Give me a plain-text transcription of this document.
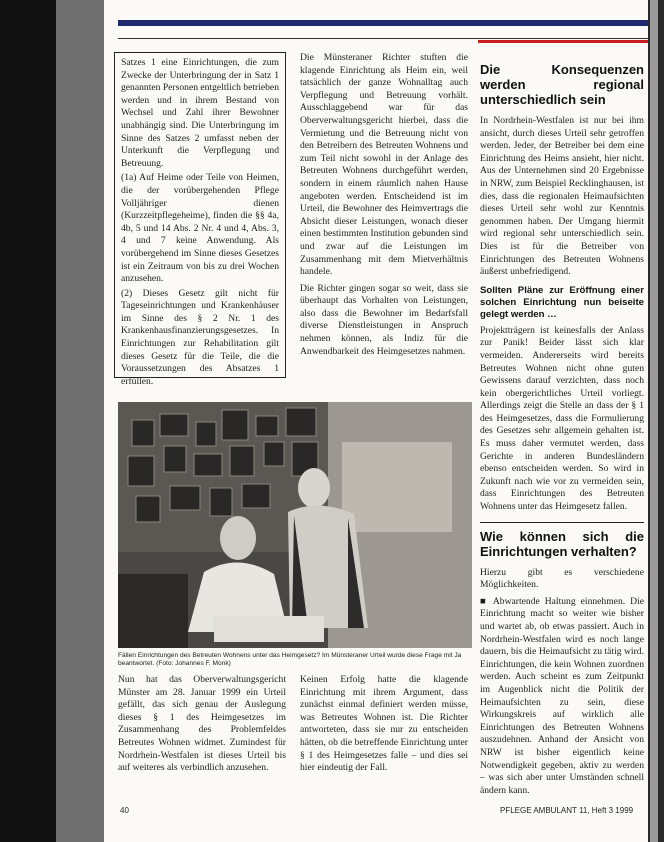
Satzes 1 eine Einrichtungen, die zum Zwecke der Unterbringung der in Satz 1 genannten Personen entgeltlich betrieben werden und in ihrem Bestand von Wechsel und Zahl ihrer Bewohner unabhängig sind. Die Unterbringung im Sinne des Satzes 2 umfasst neben der Unterkunft die Verpflegung und Betreuung.

(1a) Auf Heime oder Teile von Heimen, die der vorübergehenden Pflege Volljähriger dienen (Kurzzeitpflegeheime), finden die §§ 4a, 4b, 5 und 14 Abs. 2 Nr. 4 und 4, Abs. 3, 4 und 7 keine Anwendung. Als vorübergehend im Sinne dieses Gesetzes ist ein Zeitraum von bis zu drei Wochen anzusehen.

(2) Dieses Gesetz gilt nicht für Tageseinrichtungen und Krankenhäuser im Sinne des § 2 Nr. 1 des Krankenhausfinanzierungsgesetzes. In Einrichtungen zur Rehabilitation gilt dieses Gesetz für die Teile, die die Voraussetzungen des Absatzes 1 erfüllen.

Die Münsteraner Richter stuften die klagende Einrichtung als Heim ein, weil tatsächlich der ganze Wohnalltag auch Verpflegung und Betreuung vorhält. Ausschlaggebend war für das Oberverwaltungsgericht hierbei, dass die Vermietung und die Betreuung nicht von den Betreibern des Betreuten Wohnens und zum Teil nicht sowohl in der Anlage des Betreuten Wohnens durchgeführt werden, sondern in einem räumlich nahen Hause angeboten werden. Entscheidend ist im Urteil, die Bewohner des Heimvertrags die Absicht dieser Leistungen, wonach dieser einen bestimmten Institution gebunden sind und zwar auf die Leistungen im Zusammenhang mit dem Mietverhältnis handele.

Die Richter gingen sogar so weit, dass sie überhaupt das Vorhalten von Leistungen, also dass die Bewohner im Bedarfsfall diverse Dienstleistungen in Anspruch nehmen können, als Indiz für die Anwendbarkeit des Heimgesetzes nahmen.

Die Konsequenzen werden regional unterschiedlich sein

In Nordrhein-Westfalen ist nur bei ihm ansicht, durch dieses Urteil sehr getroffen werden. Jeder, der Betreiber bei dem eine Einrichtung des Heims ansieht, hier nicht. Aus der Unternehmen sind 20 Ergebnisse in NRW, zum Beispiel Recklinghausen, ist dies, dass die regionalen Heimaufsichten dieses Urteil sehr wohl zur Kenntnis genommen haben. Der Umgang hiermit wird regional sehr unterschiedlich sein. Dies ist für die Betreiber von Einrichtungen des Betreuten Wohnens äußerst unbefriedigend.

Sollten Pläne zur Eröffnung einer solchen Einrichtung nun beiseite gelegt werden …

Projektträgern ist keinesfalls der Anlass zur Panik! Beider lässt sich klar vermeiden. Andererseits wird bereits Betreutes Wohnen nicht ohne guten Gewissens darauf verzichten, dass noch kein obergerichtliches Urteil vorliegt. Allerdings zeigt die Stelle an dass der § 1 des Heimgesetzes, dass die Formulierung des Gesetzes sehr allgemein gehalten ist. Es muss daher vermutet werden, dass Gerichte in anderen Bundesländern ebenso entscheiden werden. So wird in Zukunft nach wie vor zu vermeiden sein, dass Einrichtungen des Betreuten Wohnens unter das Heimgesetz fallen.

Wie können sich die Einrichtungen verhalten?

Hierzu gibt es verschiedene Möglichkeiten.

■ Abwartende Haltung einnehmen. Die Einrichtung macht so weiter wie bisher und wartet ab, ob etwas passiert. Auch in Nordrhein-Westfalen wird es noch lange dauern, bis die Heimaufsicht zu tätig wird. Einrichtungen, die kein Wohnen zuordnen werden. Auch scheint es zum Zeitpunkt im Augenblick nicht die Politik der Heimaufsichten zu sein, diese Wirkungskreis auf wirklich alle Einrichtungen des Betreuten Wohnens auszudehnen. Anhand der Ansicht von NRW ist bisher eigentlich keine Notwendigkeit gegeben, aktiv zu werden – was sich aber unter Umständen schnell ändern kann.

Fällen Einrichtungen des Betreuten Wohnens unter das Heimgesetz? Im Münsteraner Urteil wurde diese Frage mit Ja beantwortet. (Foto: Johannes F. Monk)

Nun hat das Oberverwaltungsgericht Münster am 28. Januar 1999 ein Urteil gefällt, das sich genau der Auslegung dieses § 1 des Heimgesetzes im Zusammenhang des Problemfeldes Betreutes Wohnen widmet. Zumindest für Nordrhein-Westfalen ist dieses Urteil bis auf weiteres als verbindlich anzusehen.

Keinen Erfolg hatte die klagende Einrichtung mit ihrem Argument, dass zunächst einmal definiert werden müsse, was Betreutes Wohnen ist. Die Richter antworteten, dass sie nur zu entscheiden hätten, ob die betreffende Einrichtung unter § 1 des Heimgesetzes falle – und dies sei hier eindeutig der Fall.

40	PFLEGE AMBULANT 11, Heft 3 1999
